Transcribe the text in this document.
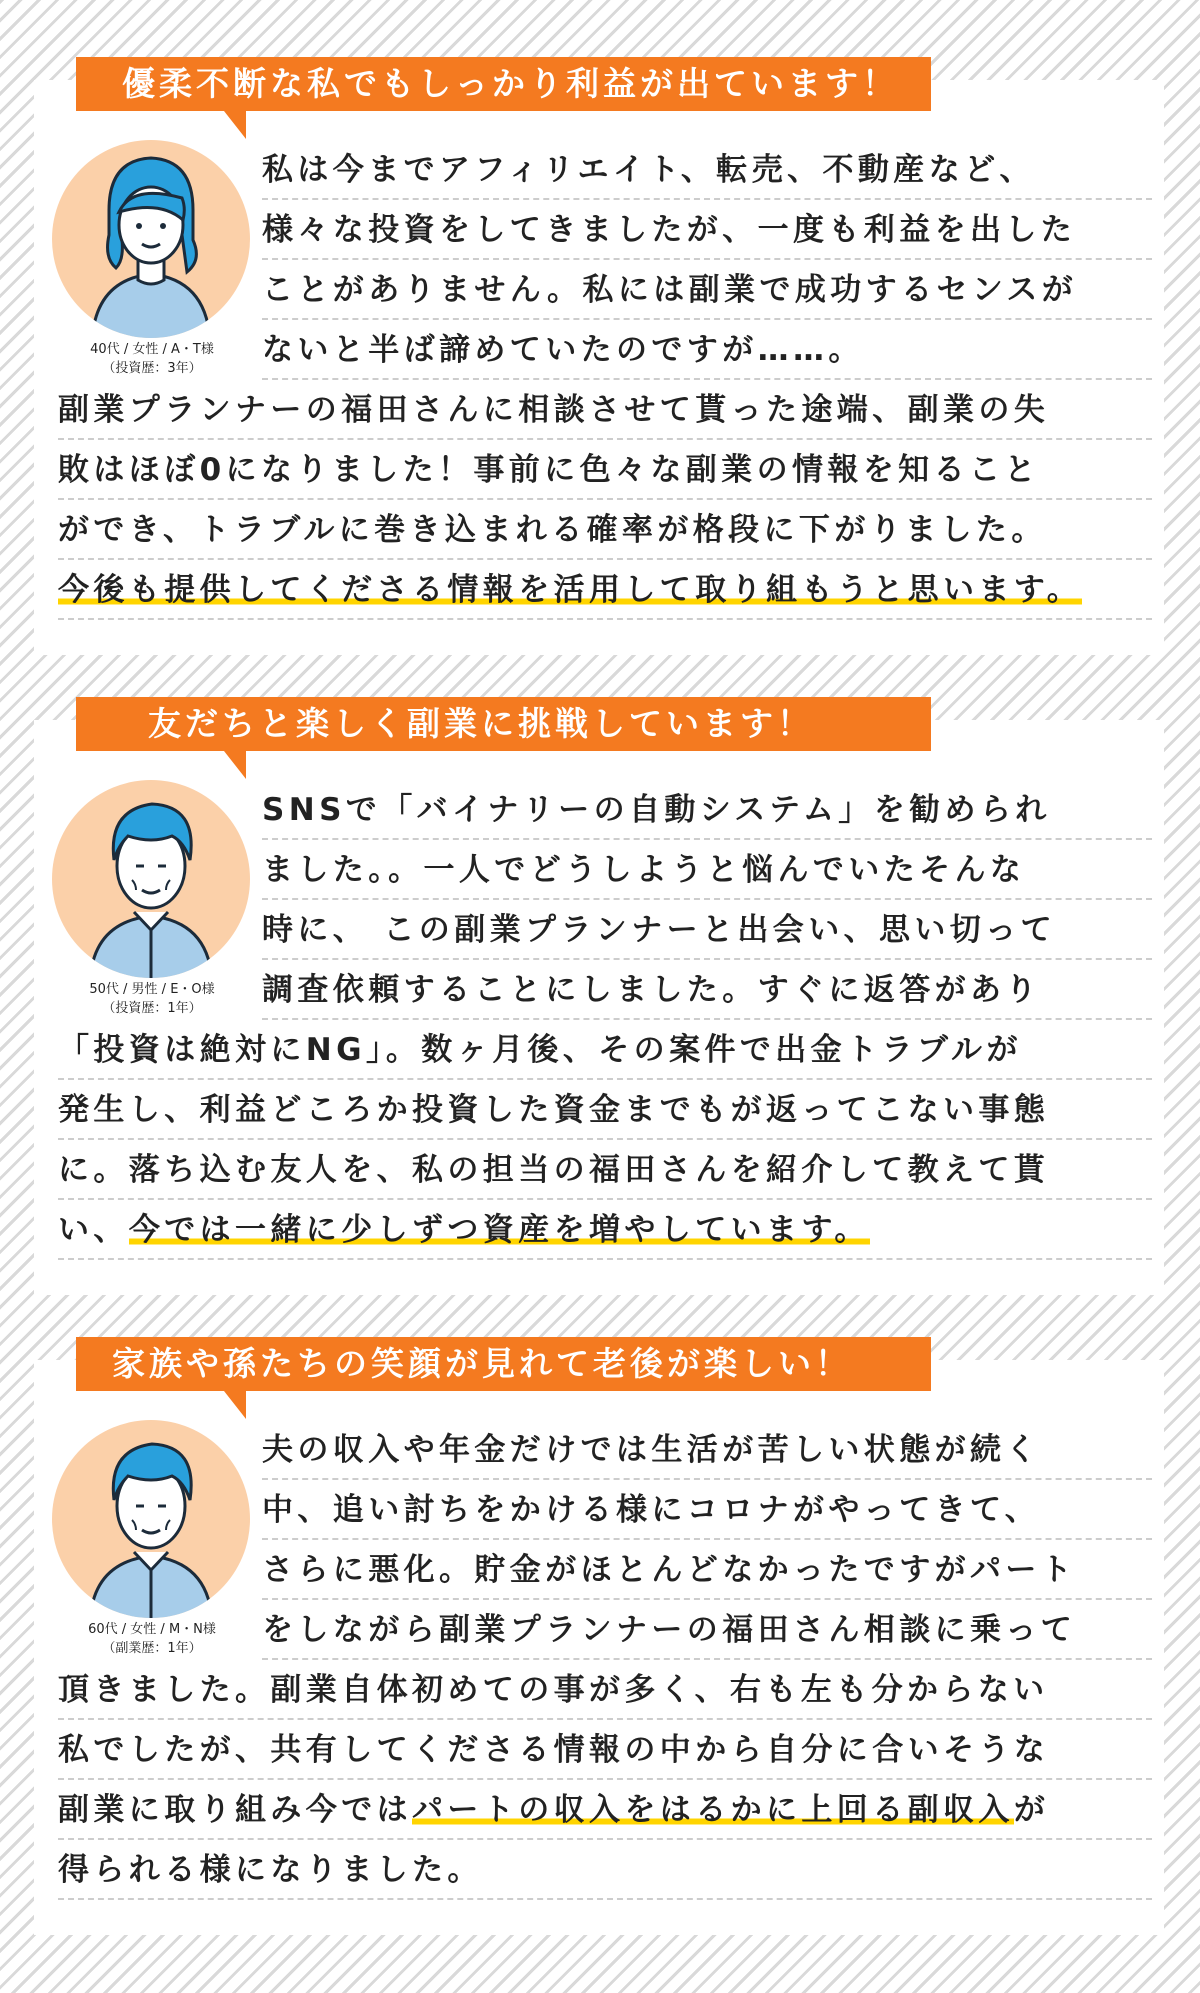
優柔不断な私でもしっかり利益が出ています！
40代 / 女性 / A・T様
（投資歴：3年）
私は今までアフィリエイト、転売、不動産など、
様々な投資をしてきましたが、一度も利益を出した
ことがありません。私には副業で成功するセンスが
ないと半ば諦めていたのですが……。
副業プランナーの福田さんに相談させて貰った途端、副業の失
敗はほぼ0になりました！事前に色々な副業の情報を知ること
ができ、トラブルに巻き込まれる確率が格段に下がりました。
今後も提供してくださる情報を活用して取り組もうと思います。
友だちと楽しく副業に挑戦しています！
50代 / 男性 / E・O様
（投資歴：1年）
SNSで「バイナリーの自動システム」を勧められ
ました。。一人でどうしようと悩んでいたそんな
時に、 この副業プランナーと出会い、思い切って
調査依頼することにしました。すぐに返答があり
「投資は絶対にNG」。数ヶ月後、その案件で出金トラブルが
発生し、利益どころか投資した資金までもが返ってこない事態
に。落ち込む友人を、私の担当の福田さんを紹介して教えて貰
い、今では一緒に少しずつ資産を増やしています。
家族や孫たちの笑顔が見れて老後が楽しい！
60代 / 女性 / M・N様
（副業歴：1年）
夫の収入や年金だけでは生活が苦しい状態が続く
中、追い討ちをかける様にコロナがやってきて、
さらに悪化。貯金がほとんどなかったですがパート
をしながら副業プランナーの福田さん相談に乗って
頂きました。副業自体初めての事が多く、右も左も分からない
私でしたが、共有してくださる情報の中から自分に合いそうな
副業に取り組み今ではパートの収入をはるかに上回る副収入が
得られる様になりました。
